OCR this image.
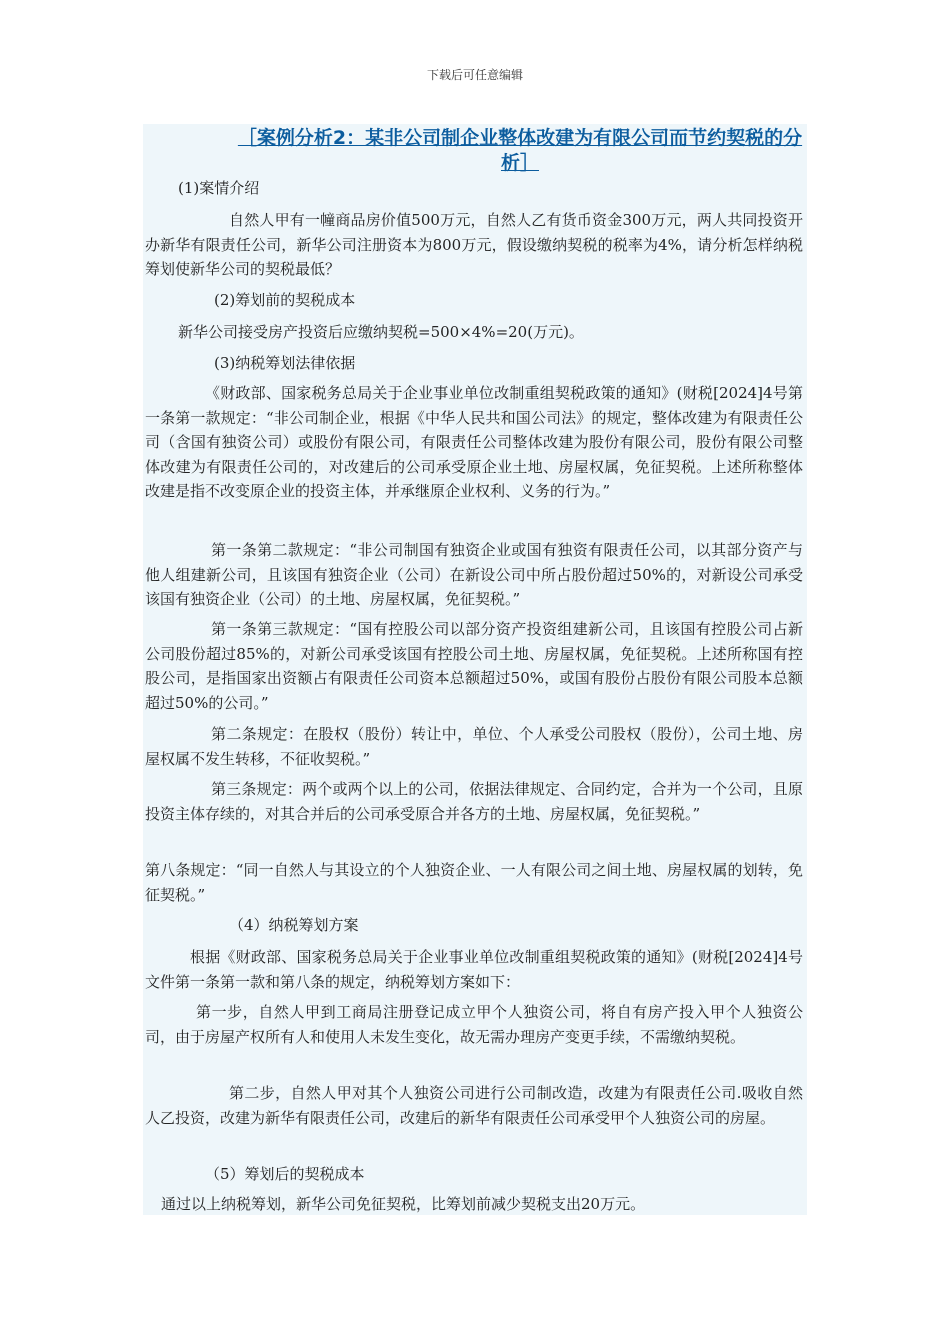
下载后可任意编辑
［案例分析2：某非公司制企业整体改建为有限公司而节约契税的分析］

(1)案情介绍

自然人甲有一幢商品房价值500万元，自然人乙有货币资金300万元，两人共同投资开办新华有限责任公司，新华公司注册资本为800万元，假设缴纳契税的税率为4%，请分析怎样纳税筹划使新华公司的契税最低？

(2)筹划前的契税成本

新华公司接受房产投资后应缴纳契税=500×4%=20(万元)。

(3)纳税筹划法律依据

《财政部、国家税务总局关于企业事业单位改制重组契税政策的通知》(财税[2024]4号第一条第一款规定：“非公司制企业，根据《中华人民共和国公司法》的规定，整体改建为有限责任公司（含国有独资公司）或股份有限公司，有限责任公司整体改建为股份有限公司，股份有限公司整体改建为有限责任公司的，对改建后的公司承受原企业土地、房屋权属，免征契税。上述所称整体改建是指不改变原企业的投资主体，并承继原企业权利、义务的行为。”

第一条第二款规定：“非公司制国有独资企业或国有独资有限责任公司，以其部分资产与他人组建新公司，且该国有独资企业（公司）在新设公司中所占股份超过50%的，对新设公司承受该国有独资企业（公司）的土地、房屋权属，免征契税。”

第一条第三款规定：“国有控股公司以部分资产投资组建新公司，且该国有控股公司占新公司股份超过85%的，对新公司承受该国有控股公司土地、房屋权属，免征契税。上述所称国有控股公司，是指国家出资额占有限责任公司资本总额超过50%，或国有股份占股份有限公司股本总额超过50%的公司。”

第二条规定：在股权（股份）转让中，单位、个人承受公司股权（股份），公司土地、房屋权属不发生转移，不征收契税。”

第三条规定：两个或两个以上的公司，依据法律规定、合同约定，合并为一个公司，且原投资主体存续的，对其合并后的公司承受原合并各方的土地、房屋权属，免征契税。”

第八条规定：“同一自然人与其设立的个人独资企业、一人有限公司之间土地、房屋权属的划转，免征契税。”

（4）纳税筹划方案

根据《财政部、国家税务总局关于企业事业单位改制重组契税政策的通知》(财税[2024]4号文件第一条第一款和第八条的规定，纳税筹划方案如下：

第一步，自然人甲到工商局注册登记成立甲个人独资公司，将自有房产投入甲个人独资公司，由于房屋产权所有人和使用人未发生变化，故无需办理房产变更手续，不需缴纳契税。

第二步，自然人甲对其个人独资公司进行公司制改造，改建为有限责任公司.吸收自然人乙投资，改建为新华有限责任公司，改建后的新华有限责任公司承受甲个人独资公司的房屋。

（5）筹划后的契税成本

通过以上纳税筹划，新华公司免征契税，比筹划前减少契税支出20万元。
